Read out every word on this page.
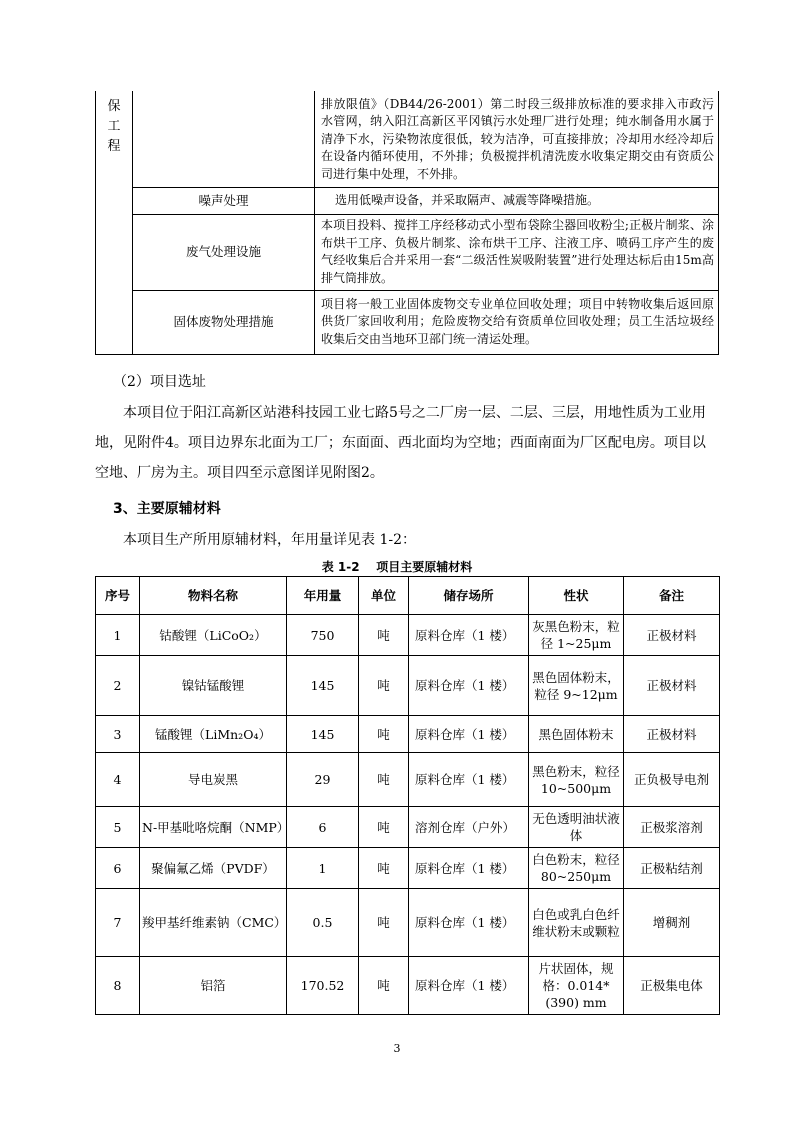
保
工
程		排放限值》（DB44/26-2001）第二时段三级排放标准的要求排入市政污水管网，纳入阳江高新区平冈镇污水处理厂进行处理；纯水制备用水属于清净下水，污染物浓度很低，较为洁净，可直接排放；冷却用水经冷却后在设备内循环使用，不外排；负极搅拌机清洗废水收集定期交由有资质公司进行集中处理，不外排。
	噪声处理	选用低噪声设备，并采取隔声、减震等降噪措施。
	废气处理设施	本项目投料、搅拌工序经移动式小型布袋除尘器回收粉尘;正极片制浆、涂布烘干工序、负极片制浆、涂布烘干工序、注液工序、喷码工序产生的废气经收集后合并采用一套“二级活性炭吸附装置”进行处理达标后由15m高排气筒排放。
	固体废物处理措施	项目将一般工业固体废物交专业单位回收处理；项目中转物收集后返回原供货厂家回收利用；危险废物交给有资质单位回收处理；员工生活垃圾经收集后交由当地环卫部门统一清运处理。
（2）项目选址
本项目位于阳江高新区站港科技园工业七路5号之二厂房一层、二层、三层，用地性质为工业用地，见附件4。项目边界东北面为工厂；东面面、西北面均为空地；西面南面为厂区配电房。项目以空地、厂房为主。项目四至示意图详见附图2。
3、主要原辅材料
本项目生产所用原辅材料，年用量详见表 1-2：
表 1-2    项目主要原辅材料
序号	物料名称	年用量	单位	储存场所	性状	备注
1	钴酸锂（LiCoO₂）	750	吨	原料仓库（1 楼）	灰黑色粉末，粒径 1~25μm	正极材料
2	镍钴锰酸锂	145	吨	原料仓库（1 楼）	黑色固体粉末，粒径 9~12μm	正极材料
3	锰酸锂（LiMn₂O₄）	145	吨	原料仓库（1 楼）	黑色固体粉末	正极材料
4	导电炭黑	29	吨	原料仓库（1 楼）	黑色粉末，粒径 10~500μm	正负极导电剂
5	N-甲基吡咯烷酮（NMP）	6	吨	溶剂仓库（户外）	无色透明油状液体	正极浆溶剂
6	聚偏氟乙烯（PVDF）	1	吨	原料仓库（1 楼）	白色粉末，粒径 80~250μm	正极粘结剂
7	羧甲基纤维素钠（CMC）	0.5	吨	原料仓库（1 楼）	白色或乳白色纤维状粉末或颗粒	增稠剂
8	铝箔	170.52	吨	原料仓库（1 楼）	片状固体，规格：0.014*(390) mm	正极集电体
3
